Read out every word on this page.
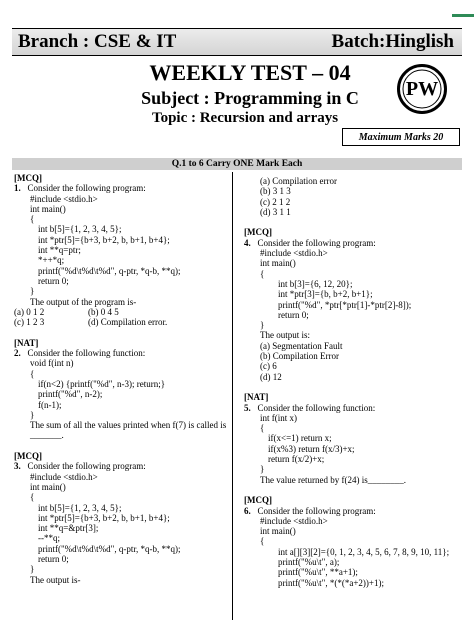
Branch : CSE & IT	Batch:Hinglish
WEEKLY TEST – 04
Subject : Programming in C
Topic : Recursion and arrays
PW
Maximum Marks 20
Q.1 to 6 Carry ONE Mark Each
[MCQ]
1. Consider the following program:
#include <stdio.h>
int main()
{
int b[5]={1, 2, 3, 4, 5};
int *ptr[5]={b+3, b+2, b, b+1, b+4};
int **q=ptr;
*++*q;
printf("%d\t%d\t%d", q-ptr, *q-b, **q);
return 0;
}
The output of the program is-
(a) 0 1 2	(b) 0 4 5
(c) 1 2 3	(d) Compilation error.

[NAT]
2. Consider the following function:
void f(int n)
{
if(n<2) {printf("%d", n-3); return;}
printf("%d", n-2);
f(n-1);
}
The sum of all the values printed when f(7) is called is
_______.

[MCQ]
3. Consider the following program:
#include <stdio.h>
int main()
{
int b[5]={1, 2, 3, 4, 5};
int *ptr[5]={b+3, b+2, b, b+1, b+4};
int **q=&ptr[3];
--**q;
printf("%d\t%d\t%d", q-ptr, *q-b, **q);
return 0;
}
The output is-
(a) Compilation error
(b) 3 1 3
(c) 2 1 2
(d) 3 1 1

[MCQ]
4. Consider the following program:
#include <stdio.h>
int main()
{
int b[3]={6, 12, 20};
int *ptr[3]={b, b+2, b+1};
printf("%d", *ptr[*ptr[1]-*ptr[2]-8]);
return 0;
}
The output is:
(a) Segmentation Fault
(b) Compilation Error
(c) 6
(d) 12

[NAT]
5. Consider the following function:
int f(int x)
{
if(x<=1) return x;
if(x%3) return f(x/3)+x;
return f(x/2)+x;
}
The value returned by f(24) is________.

[MCQ]
6. Consider the following program:
#include <stdio.h>
int main()
{
int a[][3][2]={0, 1, 2, 3, 4, 5, 6, 7, 8, 9, 10, 11};
printf("%u\t", a);
printf("%u\t", **a+1);
printf("%u\t", *(*(*a+2))+1);
